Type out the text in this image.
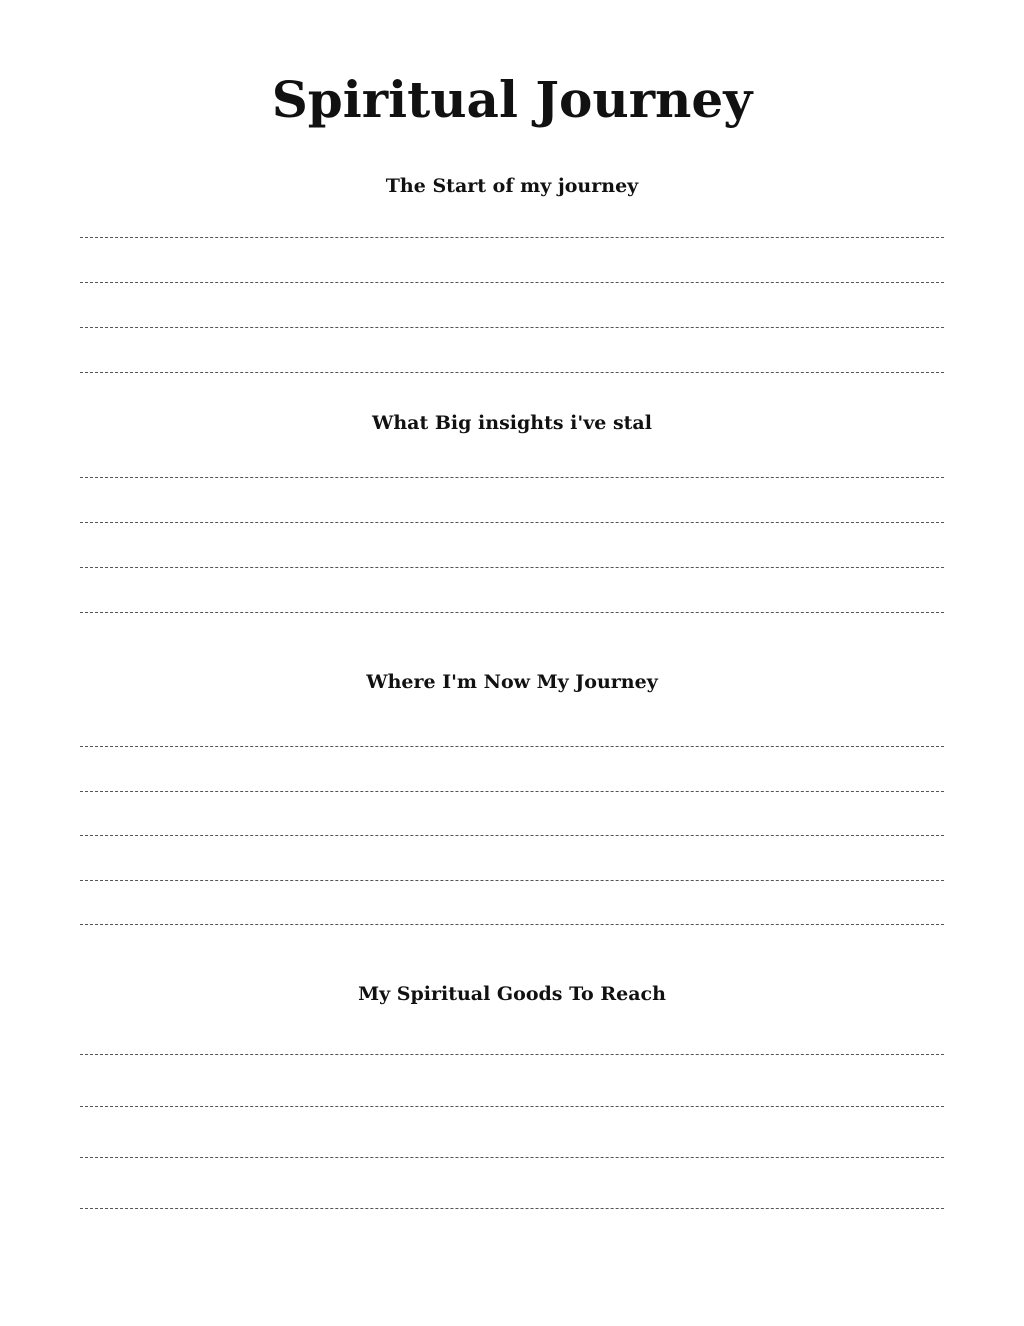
Spiritual Journey
The Start of my journey
What Big insights i've stal
Where I'm Now My Journey
My Spiritual Goods To Reach
